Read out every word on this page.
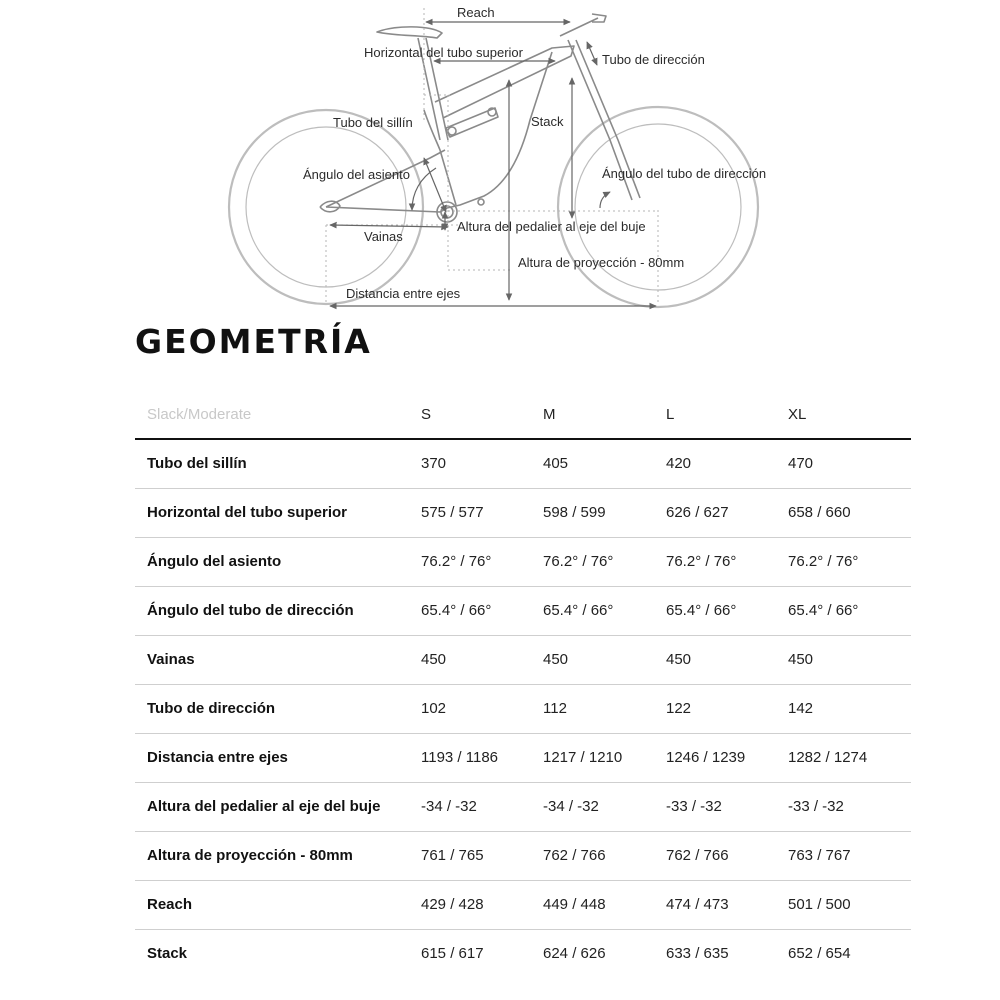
Reach
Horizontal del tubo superior	Tubo de dirección
Tubo del sillín	Stack
Ángulo del asiento	Ángulo del tubo de dirección
Altura del pedalier al eje del buje
Vainas
Altura de proyección - 80mm
Distancia entre ejes
GEOMETRÍA
Slack/Moderate	S	M	L	XL
Tubo del sillín	370	405	420	470
Horizontal del tubo superior	575 / 577	598 / 599	626 / 627	658 / 660
Ángulo del asiento	76.2° / 76°	76.2° / 76°	76.2° / 76°	76.2° / 76°
Ángulo del tubo de dirección	65.4° / 66°	65.4° / 66°	65.4° / 66°	65.4° / 66°
Vainas	450	450	450	450
Tubo de dirección	102	112	122	142
Distancia entre ejes	1193 / 1186	1217 / 1210	1246 / 1239	1282 / 1274
Altura del pedalier al eje del buje	-34 / -32	-34 / -32	-33 / -32	-33 / -32
Altura de proyección - 80mm	761 / 765	762 / 766	762 / 766	763 / 767
Reach	429 / 428	449 / 448	474 / 473	501 / 500
Stack	615 / 617	624 / 626	633 / 635	652 / 654
